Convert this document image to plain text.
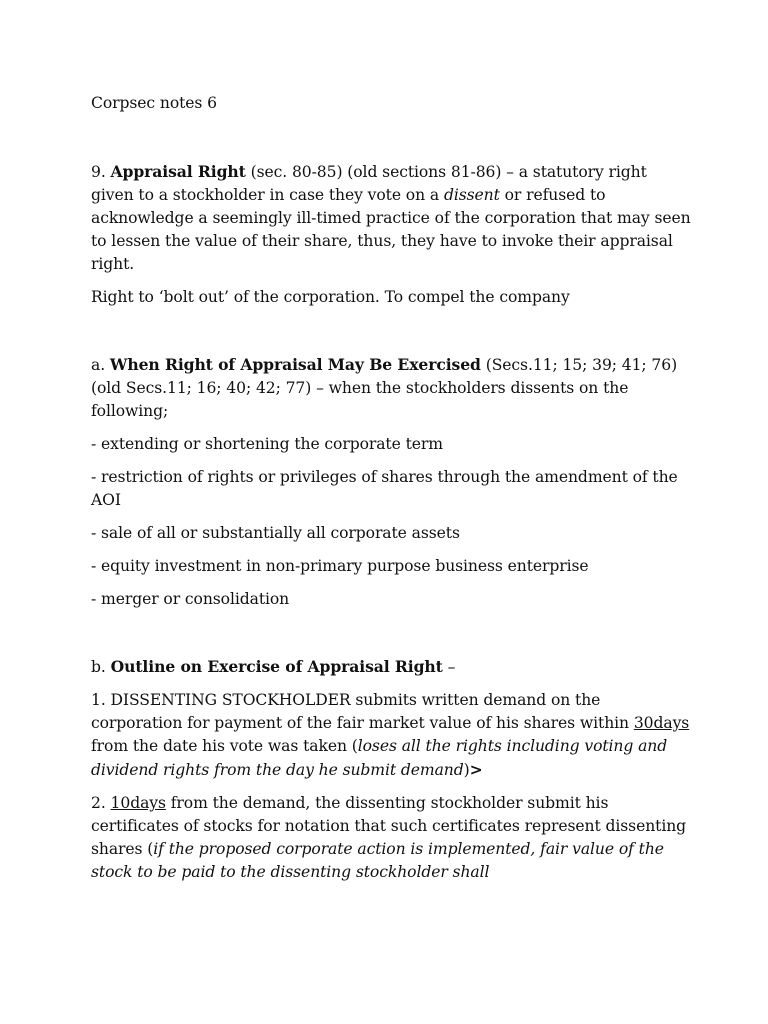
Corpsec notes 6

9. Appraisal Right (sec. 80-85) (old sections 81-86) – a statutory right given to a stockholder in case they vote on a dissent or refused to acknowledge a seemingly ill-timed practice of the corporation that may seen to lessen the value of their share, thus, they have to invoke their appraisal right.

Right to ‘bolt out’ of the corporation. To compel the company

a. When Right of Appraisal May Be Exercised (Secs.11; 15; 39; 41; 76) (old Secs.11; 16; 40; 42; 77) – when the stockholders dissents on the following;

- extending or shortening the corporate term

- restriction of rights or privileges of shares through the amendment of the AOI

- sale of all or substantially all corporate assets

- equity investment in non-primary purpose business enterprise

- merger or consolidation

b. Outline on Exercise of Appraisal Right –

1. DISSENTING STOCKHOLDER submits written demand on the corporation for payment of the fair market value of his shares within 30days from the date his vote was taken (loses all the rights including voting and dividend rights from the day he submit demand)>

2. 10days from the demand, the dissenting stockholder submit his certificates of stocks for notation that such certificates represent dissenting shares (if the proposed corporate action is implemented, fair value of the stock to be paid to the dissenting stockholder shall
